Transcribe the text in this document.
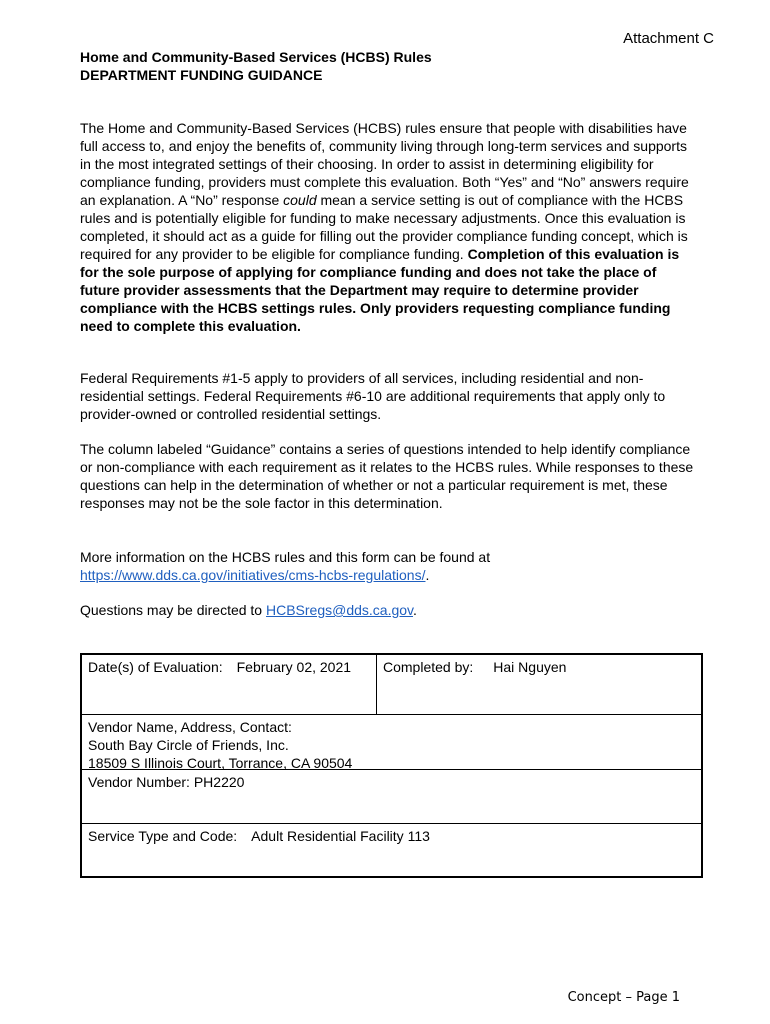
Attachment C
Home and Community-Based Services (HCBS) Rules
DEPARTMENT FUNDING GUIDANCE

The Home and Community-Based Services (HCBS) rules ensure that people with disabilities have full access to, and enjoy the benefits of, community living through long-term services and supports in the most integrated settings of their choosing. In order to assist in determining eligibility for compliance funding, providers must complete this evaluation. Both “Yes” and “No” answers require an explanation. A “No” response could mean a service setting is out of compliance with the HCBS rules and is potentially eligible for funding to make necessary adjustments. Once this evaluation is completed, it should act as a guide for filling out the provider compliance funding concept, which is required for any provider to be eligible for compliance funding. Completion of this evaluation is for the sole purpose of applying for compliance funding and does not take the place of future provider assessments that the Department may require to determine provider compliance with the HCBS settings rules. Only providers requesting compliance funding need to complete this evaluation.

Federal Requirements #1-5 apply to providers of all services, including residential and non-residential settings. Federal Requirements #6-10 are additional requirements that apply only to provider-owned or controlled residential settings.

The column labeled “Guidance” contains a series of questions intended to help identify compliance or non-compliance with each requirement as it relates to the HCBS rules. While responses to these questions can help in the determination of whether or not a particular requirement is met, these responses may not be the sole factor in this determination.

More information on the HCBS rules and this form can be found at
https://www.dds.ca.gov/initiatives/cms-hcbs-regulations/.

Questions may be directed to HCBSregs@dds.ca.gov.

Date(s) of Evaluation: February 02, 2021	Completed by: Hai Nguyen
Vendor Name, Address, Contact:
South Bay Circle of Friends, Inc.
18509 S Illinois Court, Torrance, CA 90504
Vendor Number: PH2220
Service Type and Code: Adult Residential Facility 113
Concept – Page 1
